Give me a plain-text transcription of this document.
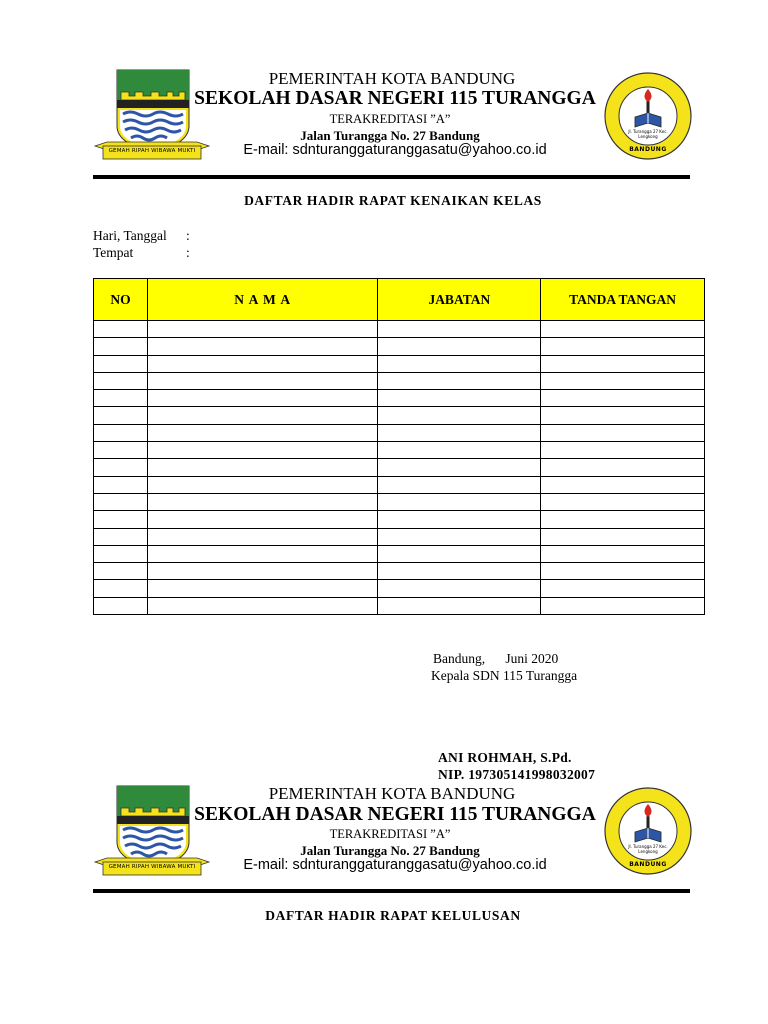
GEMAH RIPAH WIBAWA MUKTI
PEMERINTAH KOTA BANDUNG
SEKOLAH DASAR NEGERI 115 TURANGGA
TERAKREDITASI ”A”
Jalan Turangga No. 27 Bandung
E-mail: sdnturanggaturanggasatu@yahoo.co.id
Jl. Turangga 27 Kec. Lengkong
BANDUNG
DAFTAR HADIR RAPAT KENAIKAN KELAS
Hari, Tanggal :
Tempat	:
NO	N A M A	JABATAN	TANDA TANGAN

Bandung,      Juni 2020
Kepala SDN 115 Turangga
ANI ROHMAH, S.Pd.
NIP. 197305141998032007
GEMAH RIPAH WIBAWA MUKTI
PEMERINTAH KOTA BANDUNG
SEKOLAH DASAR NEGERI 115 TURANGGA
TERAKREDITASI ”A”
Jalan Turangga No. 27 Bandung
E-mail: sdnturanggaturanggasatu@yahoo.co.id
Jl. Turangga 27 Kec. Lengkong
BANDUNG
DAFTAR HADIR RAPAT KELULUSAN
